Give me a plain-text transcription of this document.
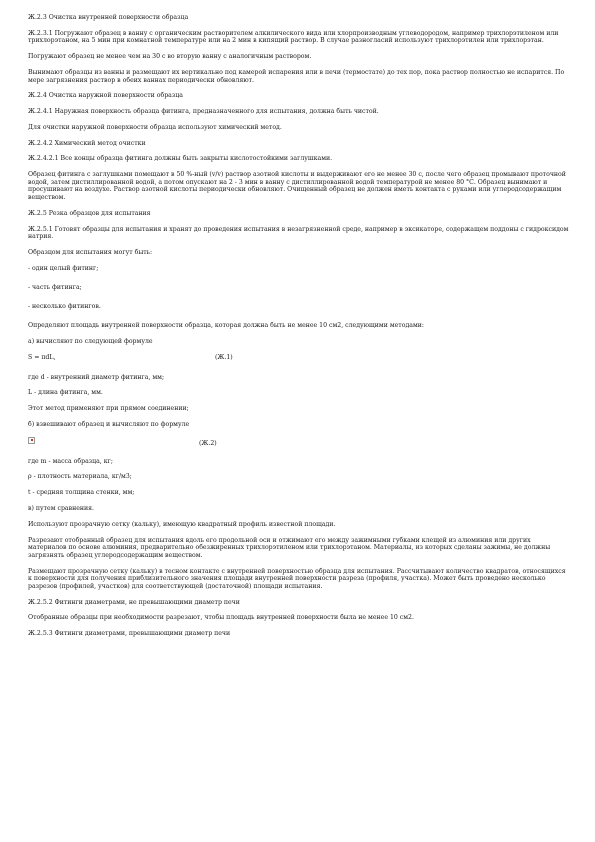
Ж.2.3 Очистка внутренней поверхности образца

Ж.2.3.1 Погружают образец в ванну с органическим растворителем алкилического вида или хлорпроизводным углеводородом, например трихлорэтиленом или трихлорэтаном, на 5 мин при комнатной температуре или на 2 мин в кипящий раствор. В случае разногласий используют трихлорэтилен или трихлорэтан.

Погружают образец не менее чем на 30 с во вторую ванну с аналогичным раствором.

Вынимают образцы из ванны и размещают их вертикально под камерой испарения или в печи (термостате) до тех пор, пока раствор полностью не испарится. По мере загрязнения раствор в обеих ваннах периодически обновляют.

Ж.2.4 Очистка наружной поверхности образца

Ж.2.4.1 Наружная поверхность образца фитинга, предназначенного для испытания, должна быть чистой.

Для очистки наружной поверхности образца используют химический метод.

Ж.2.4.2 Химический метод очистки

Ж.2.4.2.1 Все концы образца фитинга должны быть закрыты кислотостойкими заглушками.

Образец фитинга с заглушками помещают в 50 %-ный (v/v) раствор азотной кислоты и выдерживают его не менее 30 с, после чего образец промывают проточной водой, затем дистиллированной водой, а потом опускают на 2 - 3 мин в ванну с дистиллированной водой температурой не менее 80 °С. Образец вынимают и просушивают на воздухе. Раствор азотной кислоты периодически обновляют. Очищенный образец не должен иметь контакта с руками или углеродсодержащим веществом.

Ж.2.5 Резка образцов для испытания

Ж.2.5.1 Готовят образцы для испытания и хранят до проведения испытания в незагрязненной среде, например в эксикаторе, содержащем поддоны с гидроксидом натрия.

Образцом для испытания могут быть:

- один целый фитинг;

- часть фитинга;

- несколько фитингов.

Определяют площадь внутренней поверхности образца, которая должна быть не менее 10 см2, следующими методами:

а) вычисляют по следующей формуле

S = πdL,	(Ж.1)

где d - внутренний диаметр фитинга, мм;

L - длина фитинга, мм.

Этот метод применяют при прямом соединении;

б) взвешивают образец и вычисляют по формуле

(Ж.2)

где m - масса образца, кг;

ρ - плотность материала, кг/м3;

t - средняя толщина стенки, мм;

в) путем сравнения.

Используют прозрачную сетку (кальку), имеющую квадратный профиль известной площади.

Разрезают отобранный образец для испытания вдоль его продольной оси и отжимают его между зажимными губками клещей из алюминия или других материалов по основе алюминия, предварительно обезжиренных трихлорэтиленом или трихлорэтаном. Материалы, из которых сделаны зажимы, не должны загрязнять образец углеродсодержащим веществом.

Размещают прозрачную сетку (кальку) в тесном контакте с внутренней поверхностью образца для испытания. Рассчитывают количество квадратов, относящихся к поверхности для получения приблизительного значения площади внутренней поверхности разреза (профиля, участка). Может быть проведено несколько разрезов (профилей, участков) для соответствующей (достаточной) площади испытания.

Ж.2.5.2 Фитинги диаметрами, не превышающими диаметр печи

Отобранные образцы при необходимости разрезают, чтобы площадь внутренней поверхности была не менее 10 см2.

Ж.2.5.3 Фитинги диаметрами, превышающими диаметр печи
